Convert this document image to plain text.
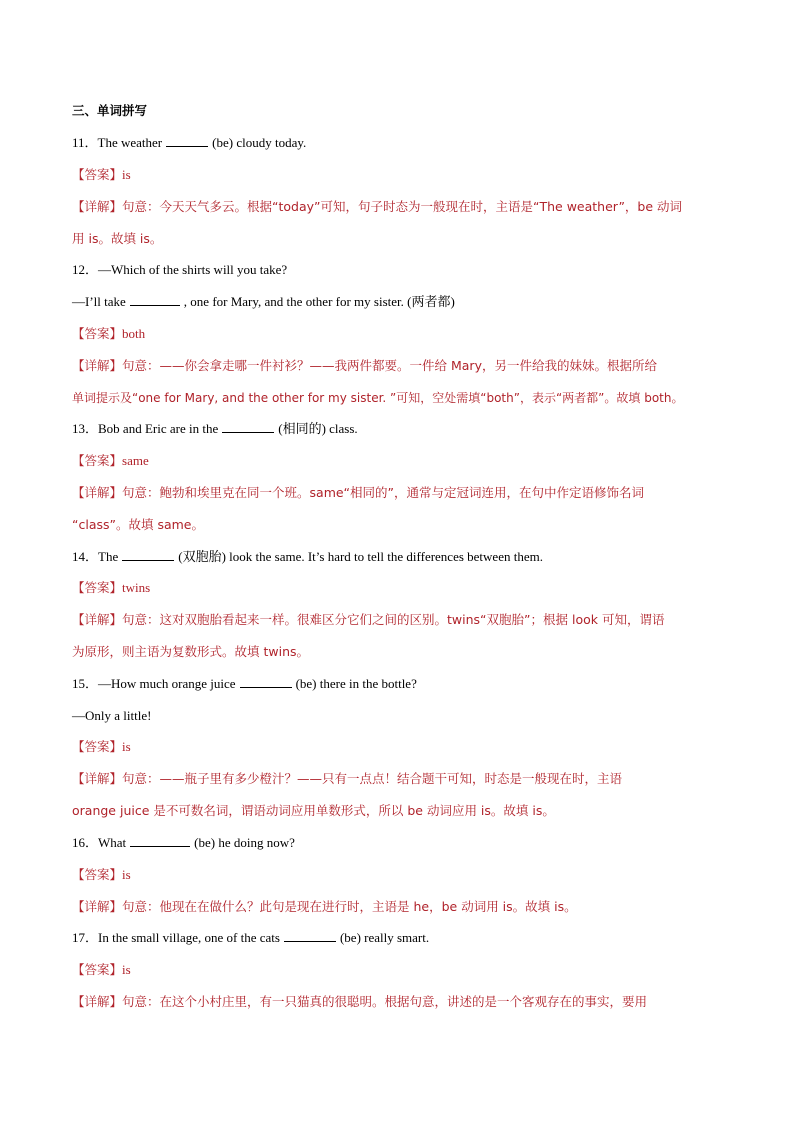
三、单词拼写
11．The weather	(be) cloudy today.
【答案】is
【详解】句意：今天天气多云。根据“today”可知，句子时态为一般现在时，主语是“The weather”，be 动词
用 is。故填 is。
12．—Which of the shirts will you take?
—I’ll take	, one for Mary, and the other for my sister. (两者都)
【答案】both
【详解】句意：——你会拿走哪一件衬衫？——我两件都要。一件给 Mary，另一件给我的妹妹。根据所给
单词提示及“one for Mary, and the other for my sister. ”可知，空处需填“both”，表示“两者都”。故填 both。
13．Bob and Eric are in the	(相同的) class.
【答案】same
【详解】句意：鲍勃和埃里克在同一个班。same“相同的”，通常与定冠词连用，在句中作定语修饰名词
“class”。故填 same。
14．The	(双胞胎) look the same. It’s hard to tell the differences between them.
【答案】twins
【详解】句意：这对双胞胎看起来一样。很难区分它们之间的区别。twins“双胞胎”；根据 look 可知，谓语
为原形，则主语为复数形式。故填 twins。
15．—How much orange juice	(be) there in the bottle?
—Only a little!
【答案】is
【详解】句意：——瓶子里有多少橙汁？——只有一点点！结合题干可知，时态是一般现在时，主语
orange juice 是不可数名词，谓语动词应用单数形式，所以 be 动词应用 is。故填 is。
16．What	(be) he doing now?
【答案】is
【详解】句意：他现在在做什么？此句是现在进行时，主语是 he，be 动词用 is。故填 is。
17．In the small village, one of the cats	(be) really smart.
【答案】is
【详解】句意：在这个小村庄里，有一只猫真的很聪明。根据句意，讲述的是一个客观存在的事实，要用
